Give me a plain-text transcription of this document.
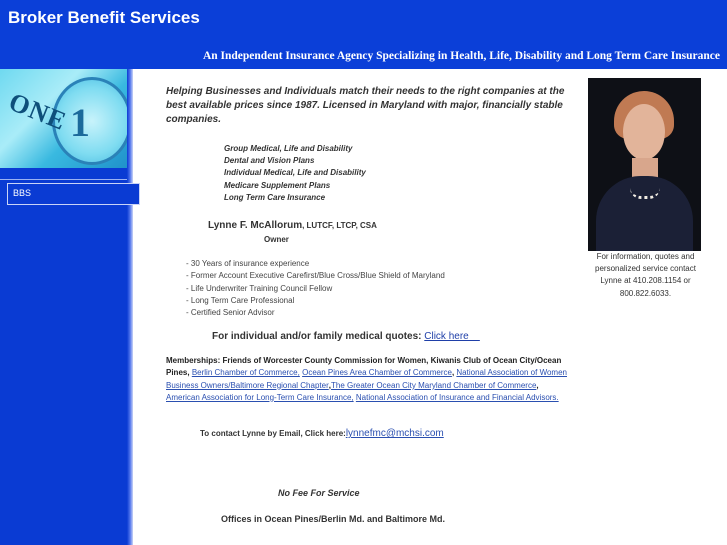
Broker Benefit Services
An Independent Insurance Agency Specializing in Health, Life, Disability and Long Term Care Insurance
ONE 1
BBS
Helping Businesses and Individuals match their needs to the right companies at the best available prices since 1987. Licensed in Maryland with major, financially stable companies.
Group Medical, Life and Disability
Dental and Vision Plans
Individual Medical, Life and Disability
Medicare Supplement Plans
Long Term Care Insurance
Lynne F. McAllorum, LUTCF, LTCP, CSA
Owner
- 30 Years of insurance experience
- Former Account Executive Carefirst/Blue Cross/Blue Shield of Maryland
- Life Underwriter Training Council Fellow
- Long Term Care Professional
- Certified Senior Advisor
For individual and/or family medical quotes: Click here
Memberships: Friends of Worcester County Commission for Women, Kiwanis Club of Ocean City/Ocean Pines, Berlin Chamber of Commerce, Ocean Pines Area Chamber of Commerce, National Association of Women Business Owners/Baltimore Regional Chapter,The Greater Ocean City Maryland Chamber of Commerce, American Association for Long-Term Care Insurance, National Association of Insurance and Financial Advisors.
To contact Lynne by Email, Click here:lynnefmc@mchsi.com
No Fee For Service
Offices in Ocean Pines/Berlin Md. and Baltimore Md.
For information, quotes and personalized service contact Lynne at 410.208.1154 or 800.822.6033.
